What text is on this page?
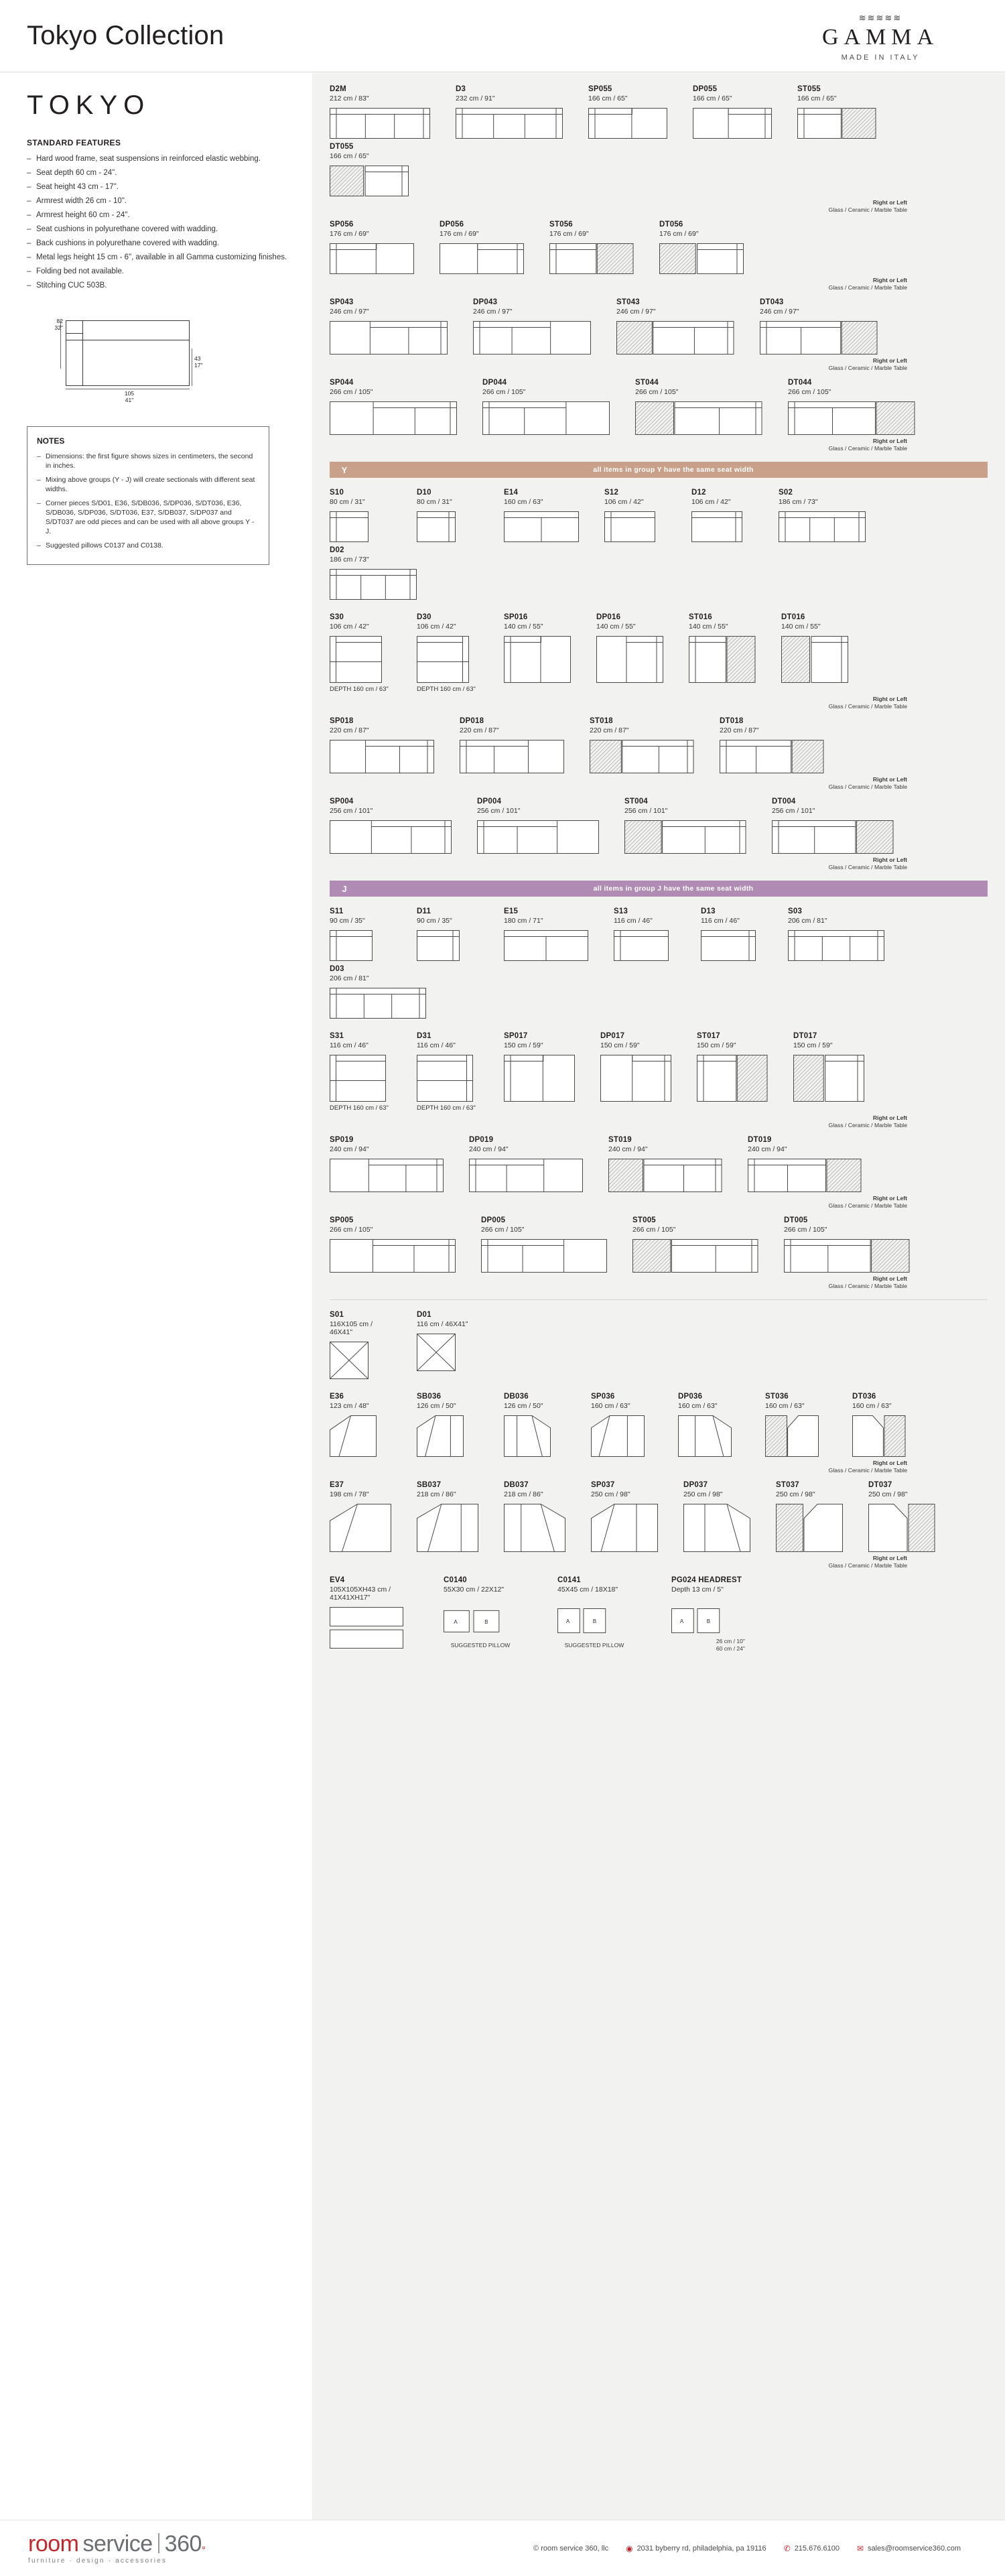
Tokyo Collection
≋≋≋≋≋
GAMMA
MADE IN ITALY
TOKYO
STANDARD FEATURES
– Hard wood frame, seat suspensions in reinforced elastic webbing.
– Seat depth 60 cm - 24".
– Seat height 43 cm - 17".
– Armrest width 26 cm - 10".
– Armrest height 60 cm - 24".
– Seat cushions in polyurethane covered with wadding.
– Back cushions in polyurethane covered with wadding.
– Metal legs height 15 cm - 6", available in all Gamma customizing finishes.
– Folding bed not available.
– Stitching CUC 503B.
82
32"
43
17"
105
41"
NOTES
– Dimensions: the first figure shows sizes in centimeters, the second in inches.
– Mixing above groups (Y - J) will create sectionals with different seat widths.
– Corner pieces S/D01, E36, S/DB036, S/DP036, S/DT036, E36, S/DB036, S/DP036, S/DT036, E37, S/DB037, S/DP037 and S/DT037 are odd pieces and can be used with all above groups Y - J.
– Suggested pillows C0137 and C0138.
D2M
212 cm / 83"
D3
232 cm / 91"
SP055
166 cm / 65"
DP055
166 cm / 65"
ST055
166 cm / 65"
DT055
166 cm / 65"
Right or Left
Glass / Ceramic / Marble Table
SP056
176 cm / 69"
DP056
176 cm / 69"
ST056
176 cm / 69"
DT056
176 cm / 69"
Right or Left
Glass / Ceramic / Marble Table
SP043
246 cm / 97"
DP043
246 cm / 97"
ST043
246 cm / 97"
DT043
246 cm / 97"
Right or Left
Glass / Ceramic / Marble Table
SP044
266 cm / 105"
DP044
266 cm / 105"
ST044
266 cm / 105"
DT044
266 cm / 105"
Right or Left
Glass / Ceramic / Marble Table
Y	all items in group Y have the same seat width
S10
80 cm / 31"
D10
80 cm / 31"
E14
160 cm / 63"
S12
106 cm / 42"
D12
106 cm / 42"
S02
186 cm / 73"
D02
186 cm / 73"
S30
106 cm / 42"
DEPTH 160 cm / 63"
D30
106 cm / 42"
DEPTH 160 cm / 63"
SP016
140 cm / 55"
DP016
140 cm / 55"
ST016
140 cm / 55"
DT016
140 cm / 55"
Right or Left
Glass / Ceramic / Marble Table
SP018
220 cm / 87"
DP018
220 cm / 87"
ST018
220 cm / 87"
DT018
220 cm / 87"
Right or Left
Glass / Ceramic / Marble Table
SP004
256 cm / 101"
DP004
256 cm / 101"
ST004
256 cm / 101"
DT004
256 cm / 101"
Right or Left
Glass / Ceramic / Marble Table
J	all items in group J have the same seat width
S11
90 cm / 35"
D11
90 cm / 35"
E15
180 cm / 71"
S13
116 cm / 46"
D13
116 cm / 46"
S03
206 cm / 81"
D03
206 cm / 81"
S31
116 cm / 46"
DEPTH 160 cm / 63"
D31
116 cm / 46"
DEPTH 160 cm / 63"
SP017
150 cm / 59"
DP017
150 cm / 59"
ST017
150 cm / 59"
DT017
150 cm / 59"
Right or Left
Glass / Ceramic / Marble Table
SP019
240 cm / 94"
DP019
240 cm / 94"
ST019
240 cm / 94"
DT019
240 cm / 94"
Right or Left
Glass / Ceramic / Marble Table
SP005
266 cm / 105"
DP005
266 cm / 105"
ST005
266 cm / 105"
DT005
266 cm / 105"
Right or Left
Glass / Ceramic / Marble Table
S01
116X105 cm / 46X41"
D01
116 cm / 46X41"
E36
123 cm / 48"
SB036
126 cm / 50"
DB036
126 cm / 50"
SP036
160 cm / 63"
DP036
160 cm / 63"
ST036
160 cm / 63"
DT036
160 cm / 63"
Right or Left
Glass / Ceramic / Marble Table
E37
198 cm / 78"
SB037
218 cm / 86"
DB037
218 cm / 86"
SP037
250 cm / 98"
DP037
250 cm / 98"
ST037
250 cm / 98"
DT037
250 cm / 98"
Right or Left
Glass / Ceramic / Marble Table
EV4
105X105XH43 cm / 41X41XH17"
C0140
55X30 cm / 22X12"
A	B
SUGGESTED PILLOW
C0141
45X45 cm / 18X18"
A	B
SUGGESTED PILLOW
PG024 HEADREST
Depth 13 cm / 5"
A	B
26 cm / 10"
60 cm / 24"
room service 360 °
furniture · design · accessories
© room service 360, llc ◉ 2031 byberry rd, philadelphia, pa 19116 ✆ 215.676.6100 ✉ sales@roomservice360.com
